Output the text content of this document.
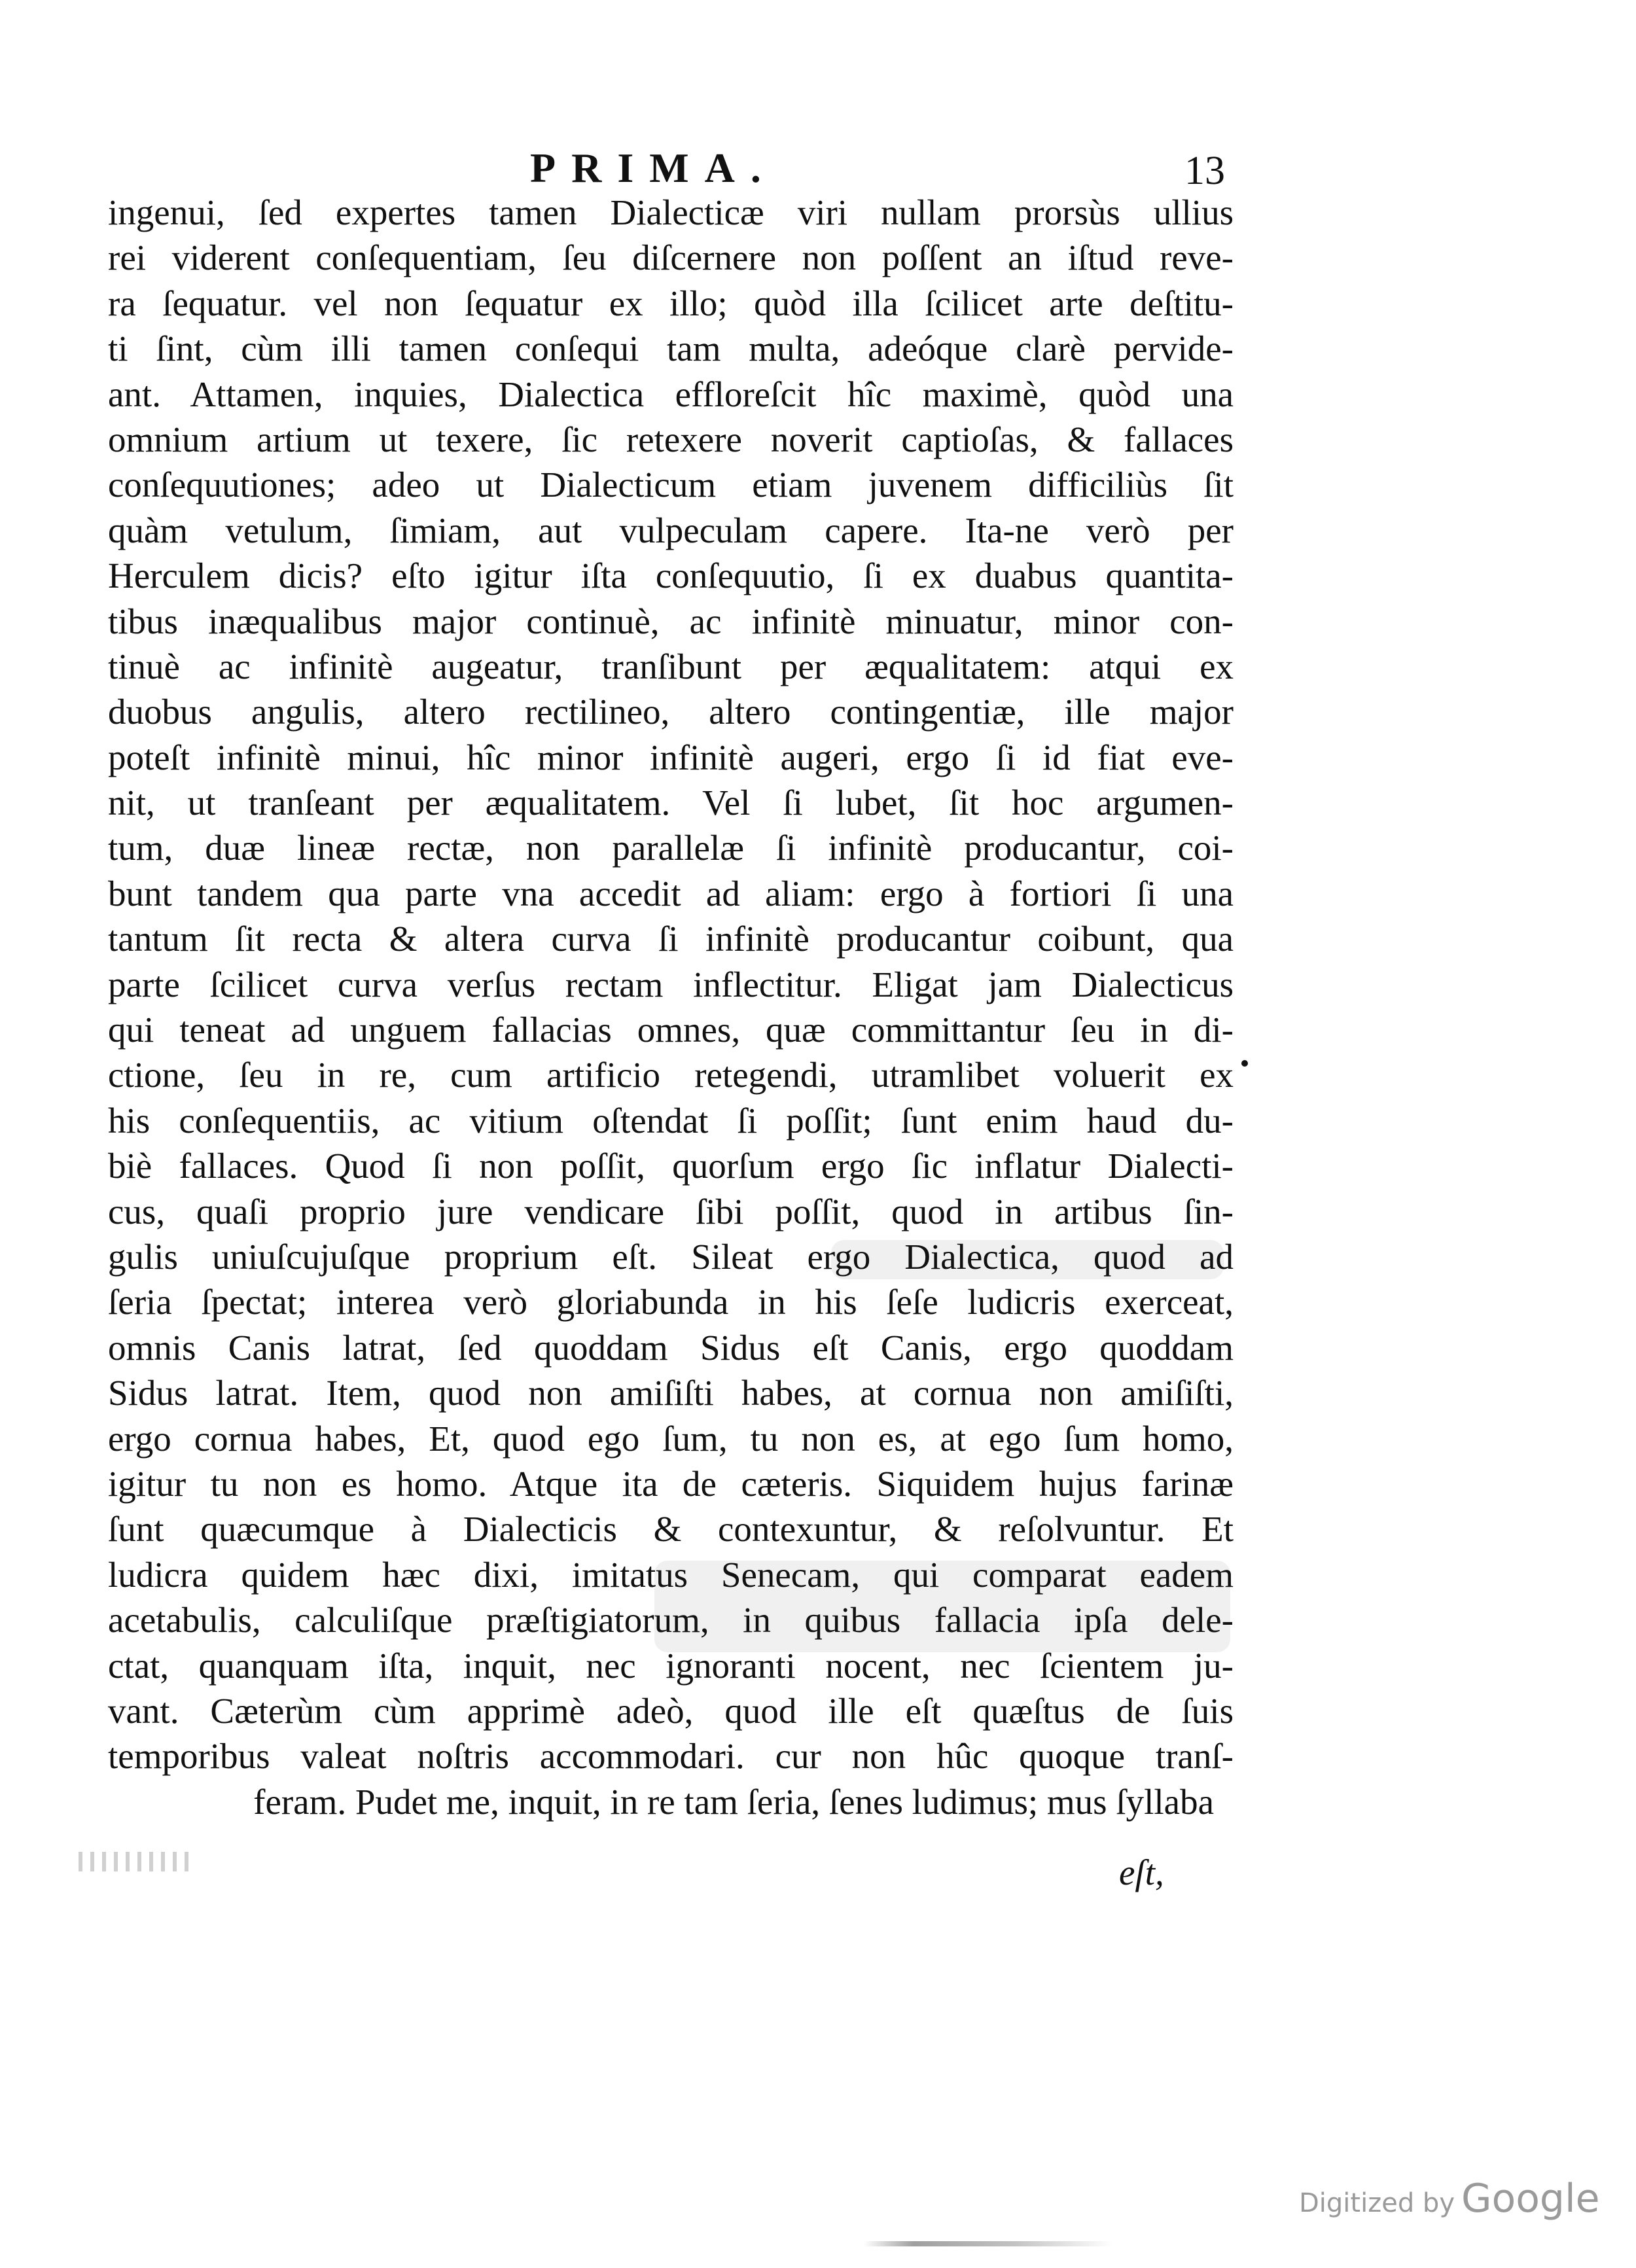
PRIMA.	13
ingenui, ſed expertes tamen Dialecticæ viri nullam prorsùs ullius
rei viderent conſequentiam, ſeu diſcernere non poſſent an iſtud reve-
ra ſequatur. vel non ſequatur ex illo; quòd illa ſcilicet arte deſtitu-
ti ſint, cùm illi tamen conſequi tam multa, adeóque clarè pervide-
ant. Attamen, inquies, Dialectica effloreſcit hîc maximè, quòd una
omnium artium ut texere, ſic retexere noverit captioſas, & fallaces
conſequutiones; adeo ut Dialecticum etiam juvenem difficiliùs ſit
quàm vetulum, ſimiam, aut vulpeculam capere. Ita-ne verò per
Herculem dicis? eſto igitur iſta conſequutio, ſi ex duabus quantita-
tibus inæqualibus major continuè, ac infinitè minuatur, minor con-
tinuè ac infinitè augeatur, tranſibunt per æqualitatem: atqui ex
duobus angulis, altero rectilineo, altero contingentiæ, ille major
poteſt infinitè minui, hîc minor infinitè augeri, ergo ſi id fiat eve-
nit, ut tranſeant per æqualitatem. Vel ſi lubet, ſit hoc argumen-
tum, duæ lineæ rectæ, non parallelæ ſi infinitè producantur, coi-
bunt tandem qua parte vna accedit ad aliam: ergo à fortiori ſi una
tantum ſit recta & altera curva ſi infinitè producantur coibunt, qua
parte ſcilicet curva verſus rectam inflectitur. Eligat jam Dialecticus
qui teneat ad unguem fallacias omnes, quæ committantur ſeu in di-
ctione, ſeu in re, cum artificio retegendi, utramlibet voluerit ex
his conſequentiis, ac vitium oſtendat ſi poſſit; ſunt enim haud du-
biè fallaces. Quod ſi non poſſit, quorſum ergo ſic inflatur Dialecti-
cus, quaſi proprio jure vendicare ſibi poſſit, quod in artibus ſin-
gulis uniuſcujuſque proprium eſt. Sileat ergo Dialectica, quod ad
ſeria ſpectat; interea verò gloriabunda in his ſeſe ludicris exerceat,
omnis Canis latrat, ſed quoddam Sidus eſt Canis, ergo quoddam
Sidus latrat. Item, quod non amiſiſti habes, at cornua non amiſiſti,
ergo cornua habes, Et, quod ego ſum, tu non es, at ego ſum homo,
igitur tu non es homo. Atque ita de cæteris. Siquidem hujus farinæ
ſunt quæcumque à Dialecticis & contexuntur, & reſolvuntur. Et
ludicra quidem hæc dixi, imitatus Senecam, qui comparat eadem
acetabulis, calculiſque præſtigiatorum, in quibus fallacia ipſa dele-
ctat, quanquam iſta, inquit, nec ignoranti nocent, nec ſcientem ju-
vant. Cæterùm cùm apprimè adeò, quod ille eſt quæſtus de ſuis
temporibus valeat noſtris accommodari. cur non hûc quoque tranſ-
feram. Pudet me, inquit, in re tam ſeria, ſenes ludimus; mus ſyllaba
eſt,
Digitized by Google
